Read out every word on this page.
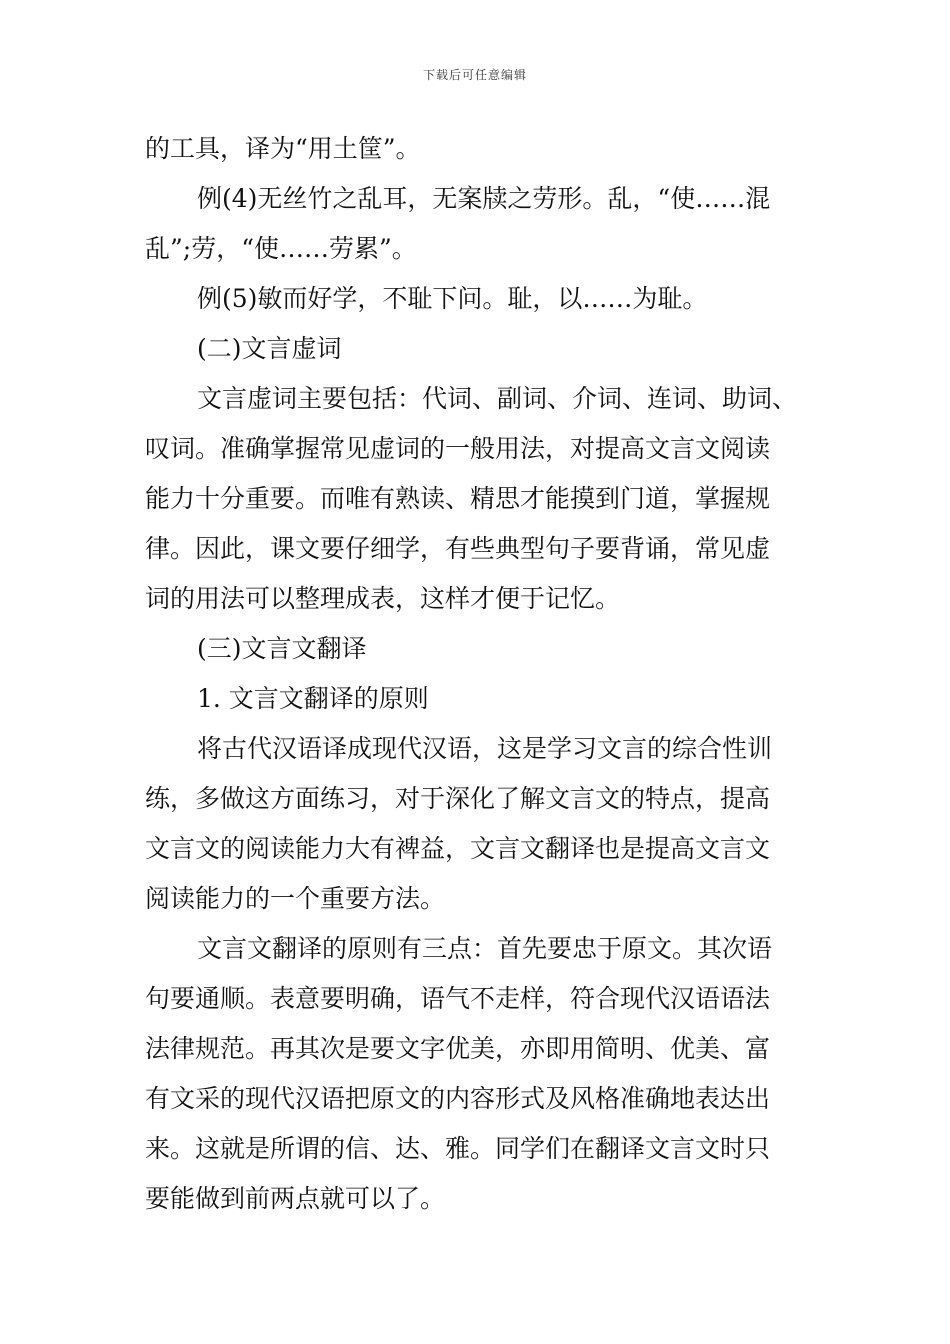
下载后可任意编辑
的工具，译为“用土筐”。
例(4)无丝竹之乱耳，无案牍之劳形。乱，“使……混
乱”;劳，“使……劳累”。
例(5)敏而好学，不耻下问。耻，以……为耻。
(二)文言虚词
文言虚词主要包括：代词、副词、介词、连词、助词、
叹词。准确掌握常见虚词的一般用法，对提高文言文阅读
能力十分重要。而唯有熟读、精思才能摸到门道，掌握规
律。因此，课文要仔细学，有些典型句子要背诵，常见虚
词的用法可以整理成表，这样才便于记忆。
(三)文言文翻译
1. 文言文翻译的原则
将古代汉语译成现代汉语，这是学习文言的综合性训
练，多做这方面练习，对于深化了解文言文的特点，提高
文言文的阅读能力大有裨益，文言文翻译也是提高文言文
阅读能力的一个重要方法。
文言文翻译的原则有三点：首先要忠于原文。其次语
句要通顺。表意要明确，语气不走样，符合现代汉语语法
法律规范。再其次是要文字优美，亦即用简明、优美、富
有文采的现代汉语把原文的内容形式及风格准确地表达出
来。这就是所谓的信、达、雅。同学们在翻译文言文时只
要能做到前两点就可以了。
